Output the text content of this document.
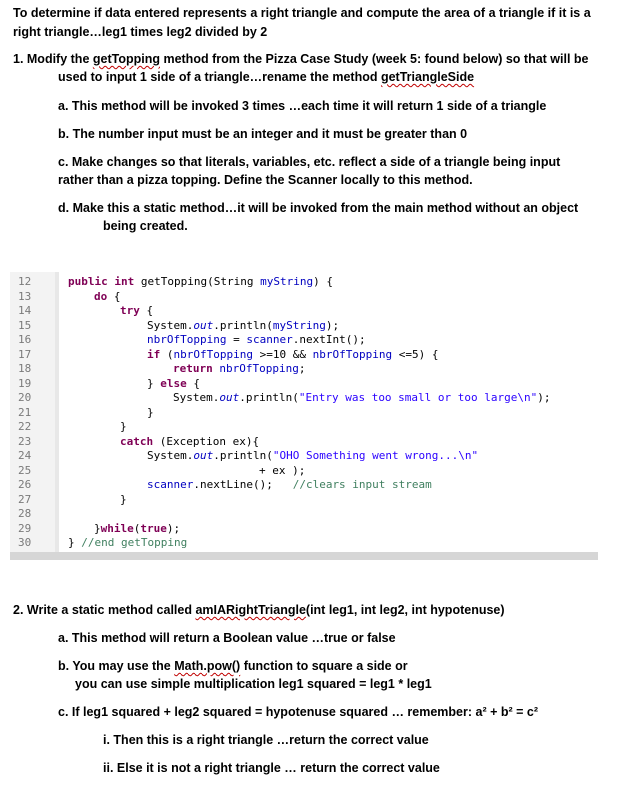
To determine if data entered represents a right triangle and compute the area of a triangle if it is a
right triangle…leg1 times leg2 divided by 2
1. Modify the getTopping method from the Pizza Case Study (week 5: found below) so that will be
used to input 1 side of a triangle…rename the method getTriangleSide
a. This method will be invoked 3 times …each time it will return 1 side of a triangle
b. The number input must be an integer and it must be greater than 0
c. Make changes so that literals, variables, etc. reflect a side of a triangle being input
rather than a pizza topping. Define the Scanner locally to this method.
d. Make this a static method…it will be invoked from the main method without an object
being created.
12
13
14
15
16
17
18
19
20
21
22
23
24
25
26
27
28
29
30
public int getTopping(String myString) {
do {
try {
System.out.println(myString);
nbrOfTopping = scanner.nextInt();
if (nbrOfTopping >=10 && nbrOfTopping <=5) {
return nbrOfTopping;
} else {
System.out.println("Entry was too small or too large\n");
}
}
catch (Exception ex){
System.out.println("OHO Something went wrong...\n"
+ ex );
scanner.nextLine();   //clears input stream
}
}while(true);
} //end getTopping
2. Write a static method called amIARightTriangle(int leg1, int leg2, int hypotenuse)
a. This method will return a Boolean value …true or false
b. You may use the Math.pow() function to square a side or
you can use simple multiplication leg1 squared = leg1 * leg1
c. If leg1 squared + leg2 squared = hypotenuse squared … remember: a² + b² = c²
i. Then this is a right triangle …return the correct value
ii. Else it is not a right triangle … return the correct value
